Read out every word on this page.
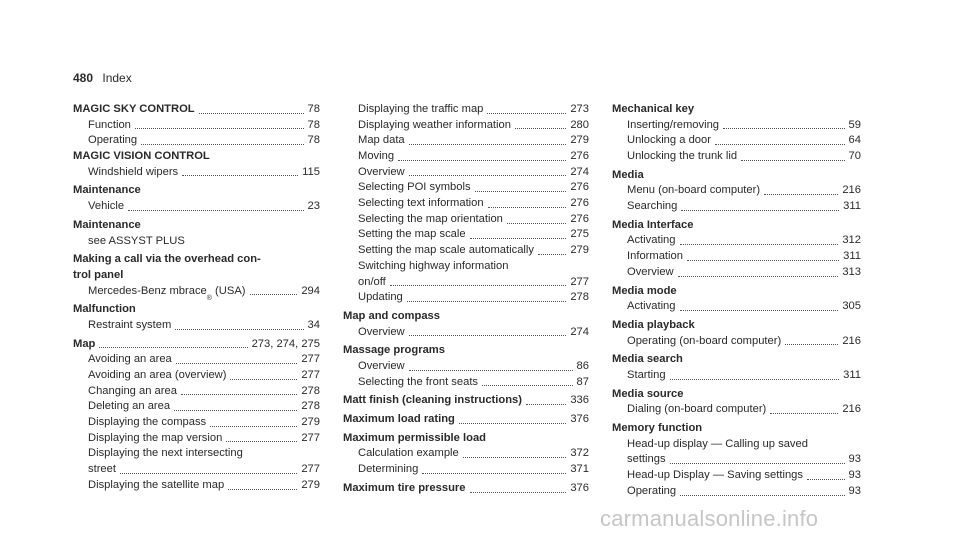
480 Index
MAGIC SKY CONTROL	78
Function	78
Operating	78
MAGIC VISION CONTROL
Windshield wipers	115
Maintenance
Vehicle	23
Maintenance
see ASSYST PLUS
Making a call via the overhead con-
trol panel
Mercedes-Benz mbrace
®
(USA)	294
Malfunction
Restraint system	34
Map	273, 274, 275
Avoiding an area	277
Avoiding an area (overview)	277
Changing an area	278
Deleting an area	278
Displaying the compass	279
Displaying the map version	277
Displaying the next intersecting
street	277
Displaying the satellite map	279
Displaying the traffic map	273
Displaying weather information	280
Map data	279
Moving	276
Overview	274
Selecting POI symbols	276
Selecting text information	276
Selecting the map orientation	276
Setting the map scale	275
Setting the map scale automatically	279
Switching highway information
on/off	277
Updating	278
Map and compass
Overview	274
Massage programs
Overview	86
Selecting the front seats	87
Matt finish (cleaning instructions)	336
Maximum load rating	376
Maximum permissible load
Calculation example	372
Determining	371
Maximum tire pressure	376
Mechanical key
Inserting/removing	59
Unlocking a door	64
Unlocking the trunk lid	70
Media
Menu (on-board computer)	216
Searching	311
Media Interface
Activating	312
Information	311
Overview	313
Media mode
Activating	305
Media playback
Operating (on-board computer)	216
Media search
Starting	311
Media source
Dialing (on-board computer)	216
Memory function
Head-up display — Calling up saved
settings	93
Head-up Display — Saving settings	93
Operating	93
carmanualsonline.info
